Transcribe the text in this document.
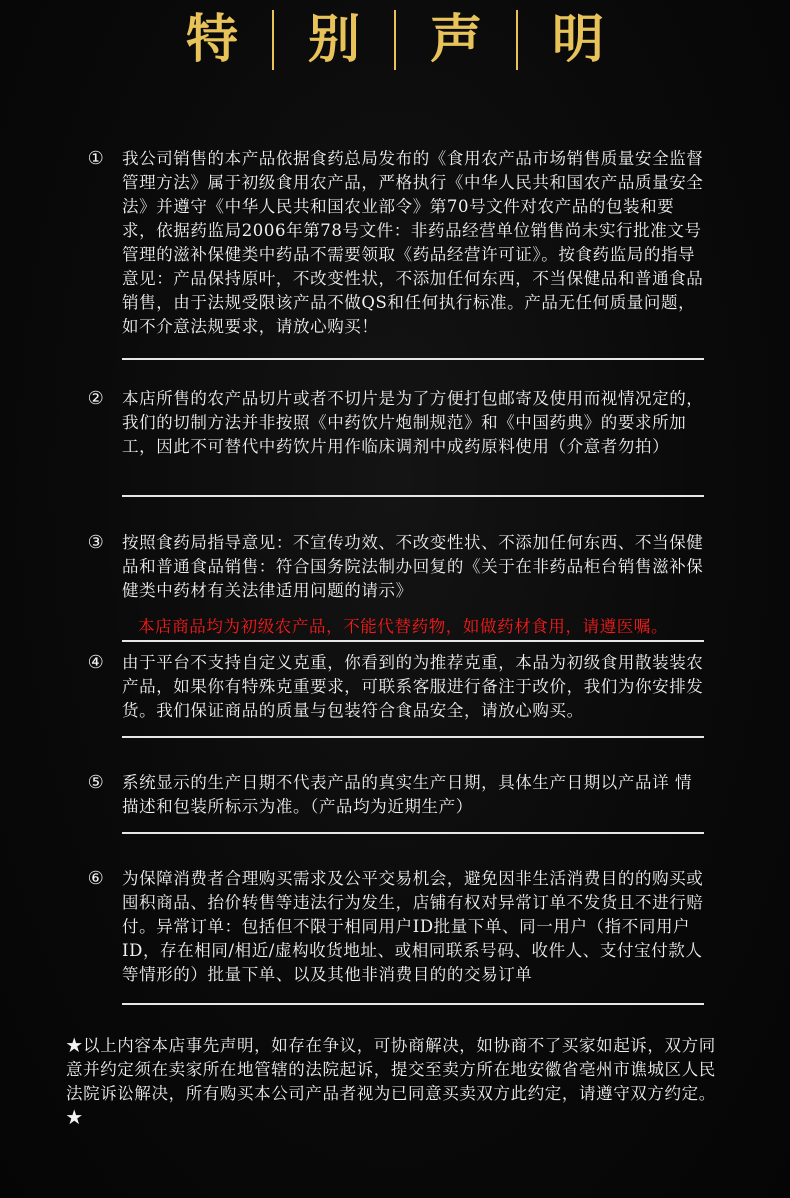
特	别	声	明
① 我公司销售的本产品依据食药总局发布的《食用农产品市场销售质量安全监督管理方法》属于初级食用农产品，严格执行《中华人民共和国农产品质量安全法》并遵守《中华人民共和国农业部令》第70号文件对农产品的包装和要求，依据药监局2006年第78号文件：非药品经营单位销售尚未实行批准文号管理的滋补保健类中药品不需要领取《药品经营许可证》。按食药监局的指导意见：产品保持原叶，不改变性状，不添加任何东西，不当保健品和普通食品销售，由于法规受限该产品不做QS和任何执行标准。产品无任何质量问题，如不介意法规要求，请放心购买！
② 本店所售的农产品切片或者不切片是为了方便打包邮寄及使用而视情况定的，我们的切制方法并非按照《中药饮片炮制规范》和《中国药典》的要求所加工，因此不可替代中药饮片用作临床调剂中成药原料使用（介意者勿拍）
③ 按照食药局指导意见：不宣传功效、不改变性状、不添加任何东西、不当保健品和普通食品销售：符合国务院法制办回复的《关于在非药品柜台销售滋补保健类中药材有关法律适用问题的请示》
本店商品均为初级农产品，不能代替药物，如做药材食用，请遵医嘱。
④ 由于平台不支持自定义克重，你看到的为推荐克重，本品为初级食用散装装农产品，如果你有特殊克重要求，可联系客服进行备注于改价，我们为你安排发货。我们保证商品的质量与包装符合食品安全，请放心购买。
⑤ 系统显示的生产日期不代表产品的真实生产日期，具体生产日期以产品详 情描述和包装所标示为准。（产品均为近期生产）
⑥ 为保障消费者合理购买需求及公平交易机会，避免因非生活消费目的的购买或囤积商品、抬价转售等违法行为发生，店铺有权对异常订单不发货且不进行赔付。异常订单：包括但不限于相同用户ID批量下单、同一用户（指不同用户ID，存在相同/相近/虚构收货地址、或相同联系号码、收件人、支付宝付款人等情形的）批量下单、以及其他非消费目的的交易订单
★以上内容本店事先声明，如存在争议，可协商解决，如协商不了买家如起诉，双方同意并约定须在卖家所在地管辖的法院起诉，提交至卖方所在地安徽省亳州市谯城区人民法院诉讼解决，所有购买本公司产品者视为已同意买卖双方此约定，请遵守双方约定。★
